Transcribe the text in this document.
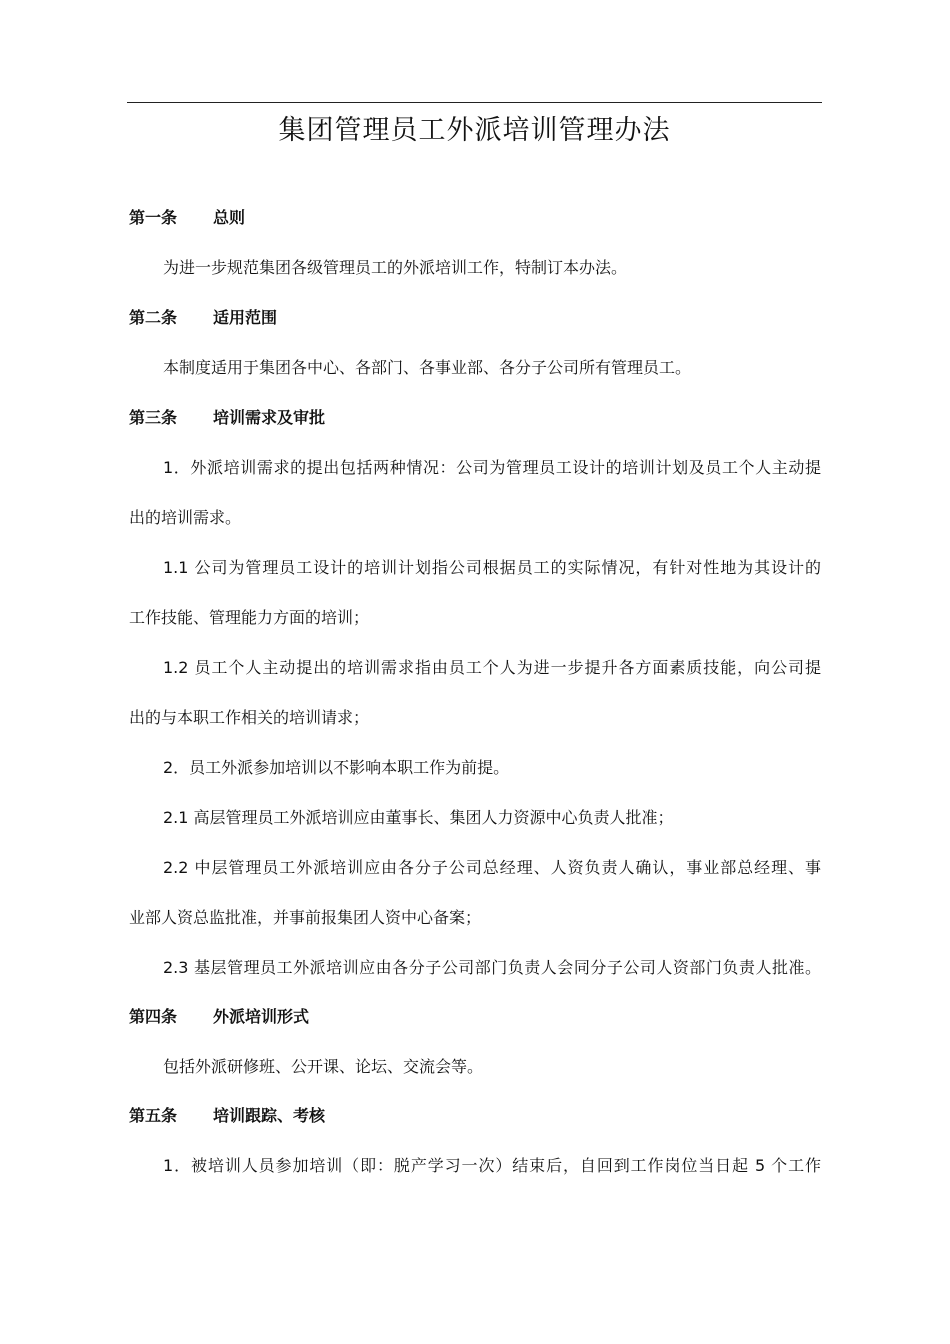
集团管理员工外派培训管理办法
第一条 总则
为进一步规范集团各级管理员工的外派培训工作，特制订本办法。
第二条 适用范围
本制度适用于集团各中心、各部门、各事业部、各分子公司所有管理员工。
第三条 培训需求及审批
1．外派培训需求的提出包括两种情况：公司为管理员工设计的培训计划及员工个人主动提
出的培训需求。
1.1 公司为管理员工设计的培训计划指公司根据员工的实际情况，有针对性地为其设计的
工作技能、管理能力方面的培训；
1.2 员工个人主动提出的培训需求指由员工个人为进一步提升各方面素质技能，向公司提
出的与本职工作相关的培训请求；
2．员工外派参加培训以不影响本职工作为前提。
2.1 高层管理员工外派培训应由董事长、集团人力资源中心负责人批准；
2.2 中层管理员工外派培训应由各分子公司总经理、人资负责人确认，事业部总经理、事
业部人资总监批准，并事前报集团人资中心备案；
2.3 基层管理员工外派培训应由各分子公司部门负责人会同分子公司人资部门负责人批准。
第四条 外派培训形式
包括外派研修班、公开课、论坛、交流会等。
第五条 培训跟踪、考核
1．被培训人员参加培训（即：脱产学习一次）结束后，自回到工作岗位当日起 5 个工作
